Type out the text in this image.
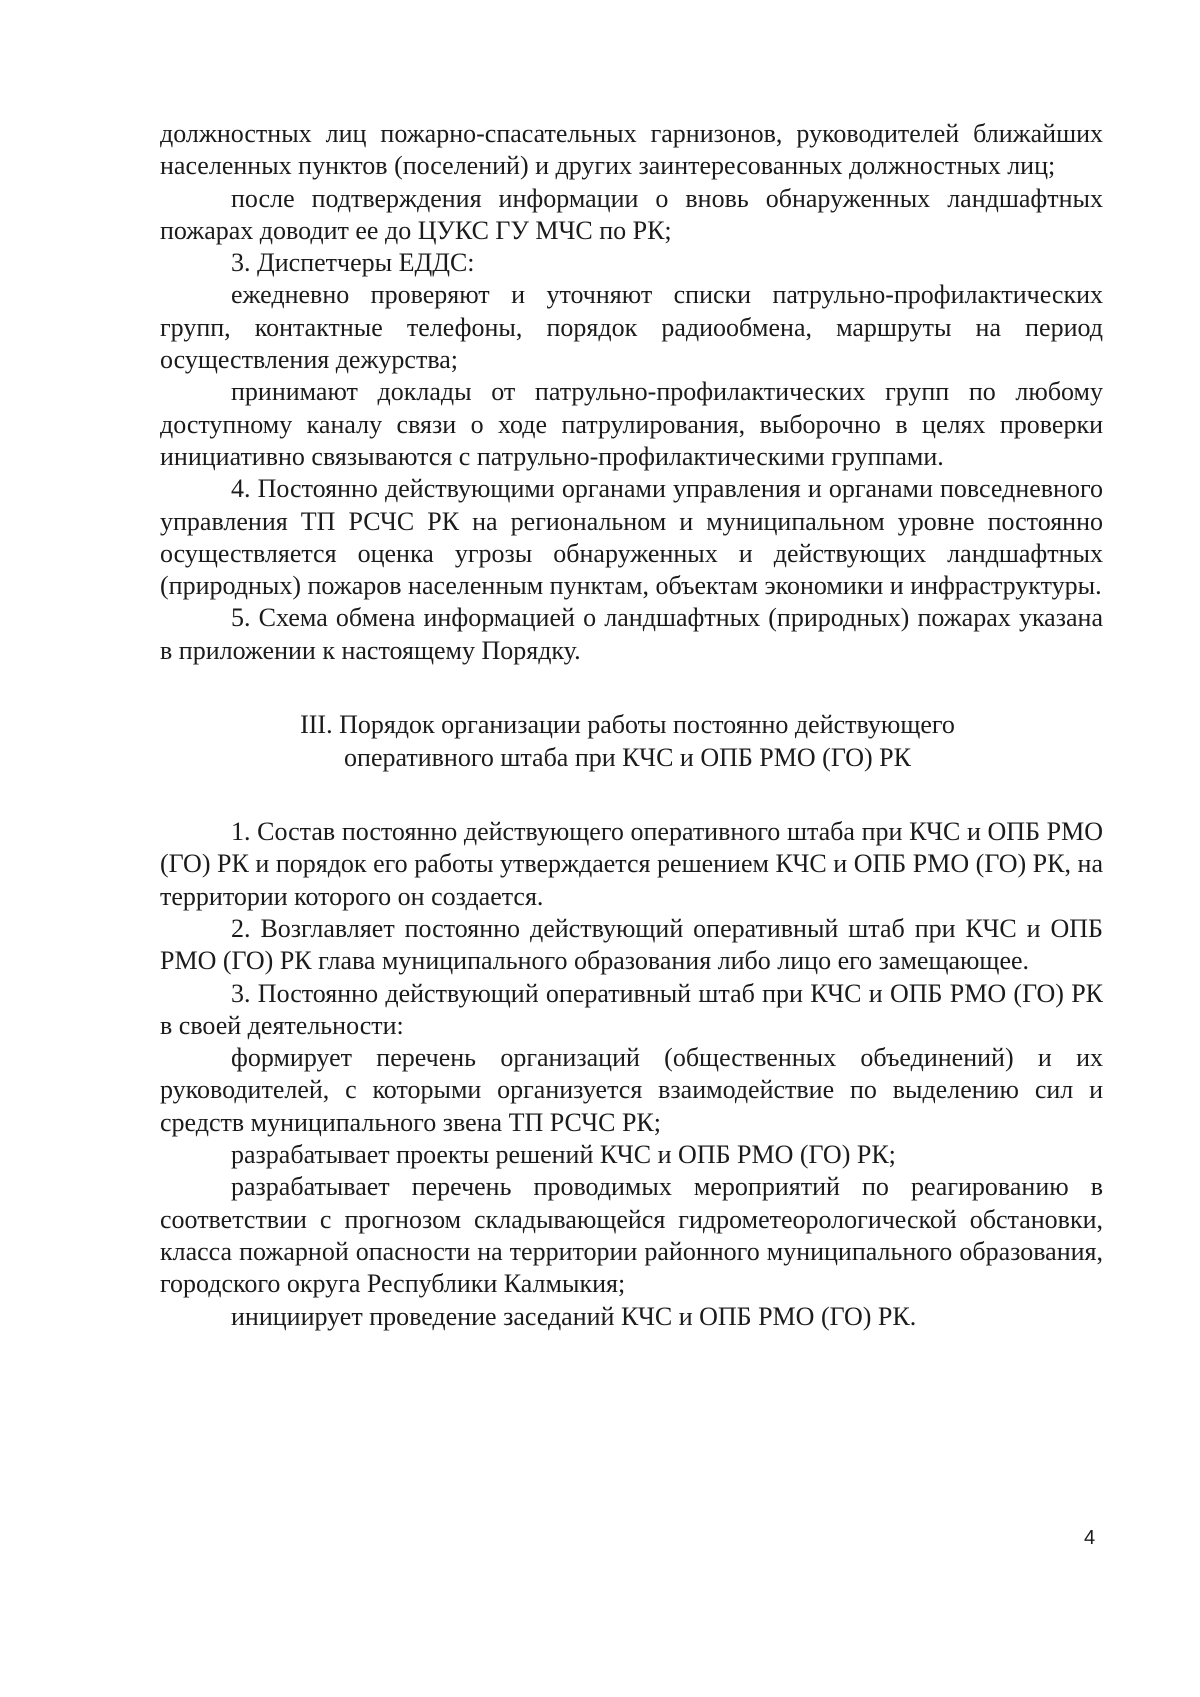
должностных лиц пожарно-спасательных гарнизонов, руководителей ближайших населенных пунктов (поселений) и других заинтересованных должностных лиц;

после подтверждения информации о вновь обнаруженных ландшафтных пожарах доводит ее до ЦУКС ГУ МЧС по РК;

3. Диспетчеры ЕДДС:

ежедневно проверяют и уточняют списки патрульно-профилактических групп, контактные телефоны, порядок радиообмена, маршруты на период осуществления дежурства;

принимают доклады от патрульно-профилактических групп по любому доступному каналу связи о ходе патрулирования, выборочно в целях проверки инициативно связываются с патрульно-профилактическими группами.

4. Постоянно действующими органами управления и органами повседневного управления ТП РСЧС РК на региональном и муниципальном уровне постоянно осуществляется оценка угрозы обнаруженных и действующих ландшафтных (природных) пожаров населенным пунктам, объектам экономики и инфраструктуры.

5. Схема обмена информацией о ландшафтных (природных) пожарах указана в приложении к настоящему Порядку.

III. Порядок организации работы постоянно действующего

оперативного штаба при КЧС и ОПБ РМО (ГО) РК

1. Состав постоянно действующего оперативного штаба при КЧС и ОПБ РМО (ГО) РК и порядок его работы утверждается решением КЧС и ОПБ РМО (ГО) РК, на территории которого он создается.

2. Возглавляет постоянно действующий оперативный штаб при КЧС и ОПБ РМО (ГО) РК глава муниципального образования либо лицо его замещающее.

3. Постоянно действующий оперативный штаб при КЧС и ОПБ РМО (ГО) РК в своей деятельности:

формирует перечень организаций (общественных объединений) и их руководителей, с которыми организуется взаимодействие по выделению сил и средств муниципального звена ТП РСЧС РК;

разрабатывает проекты решений КЧС и ОПБ РМО (ГО) РК;

разрабатывает перечень проводимых мероприятий по реагированию в соответствии с прогнозом складывающейся гидрометеорологической обстановки, класса пожарной опасности на территории районного муниципального образования, городского округа Республики Калмыкия;

инициирует проведение заседаний КЧС и ОПБ РМО (ГО) РК.

4
